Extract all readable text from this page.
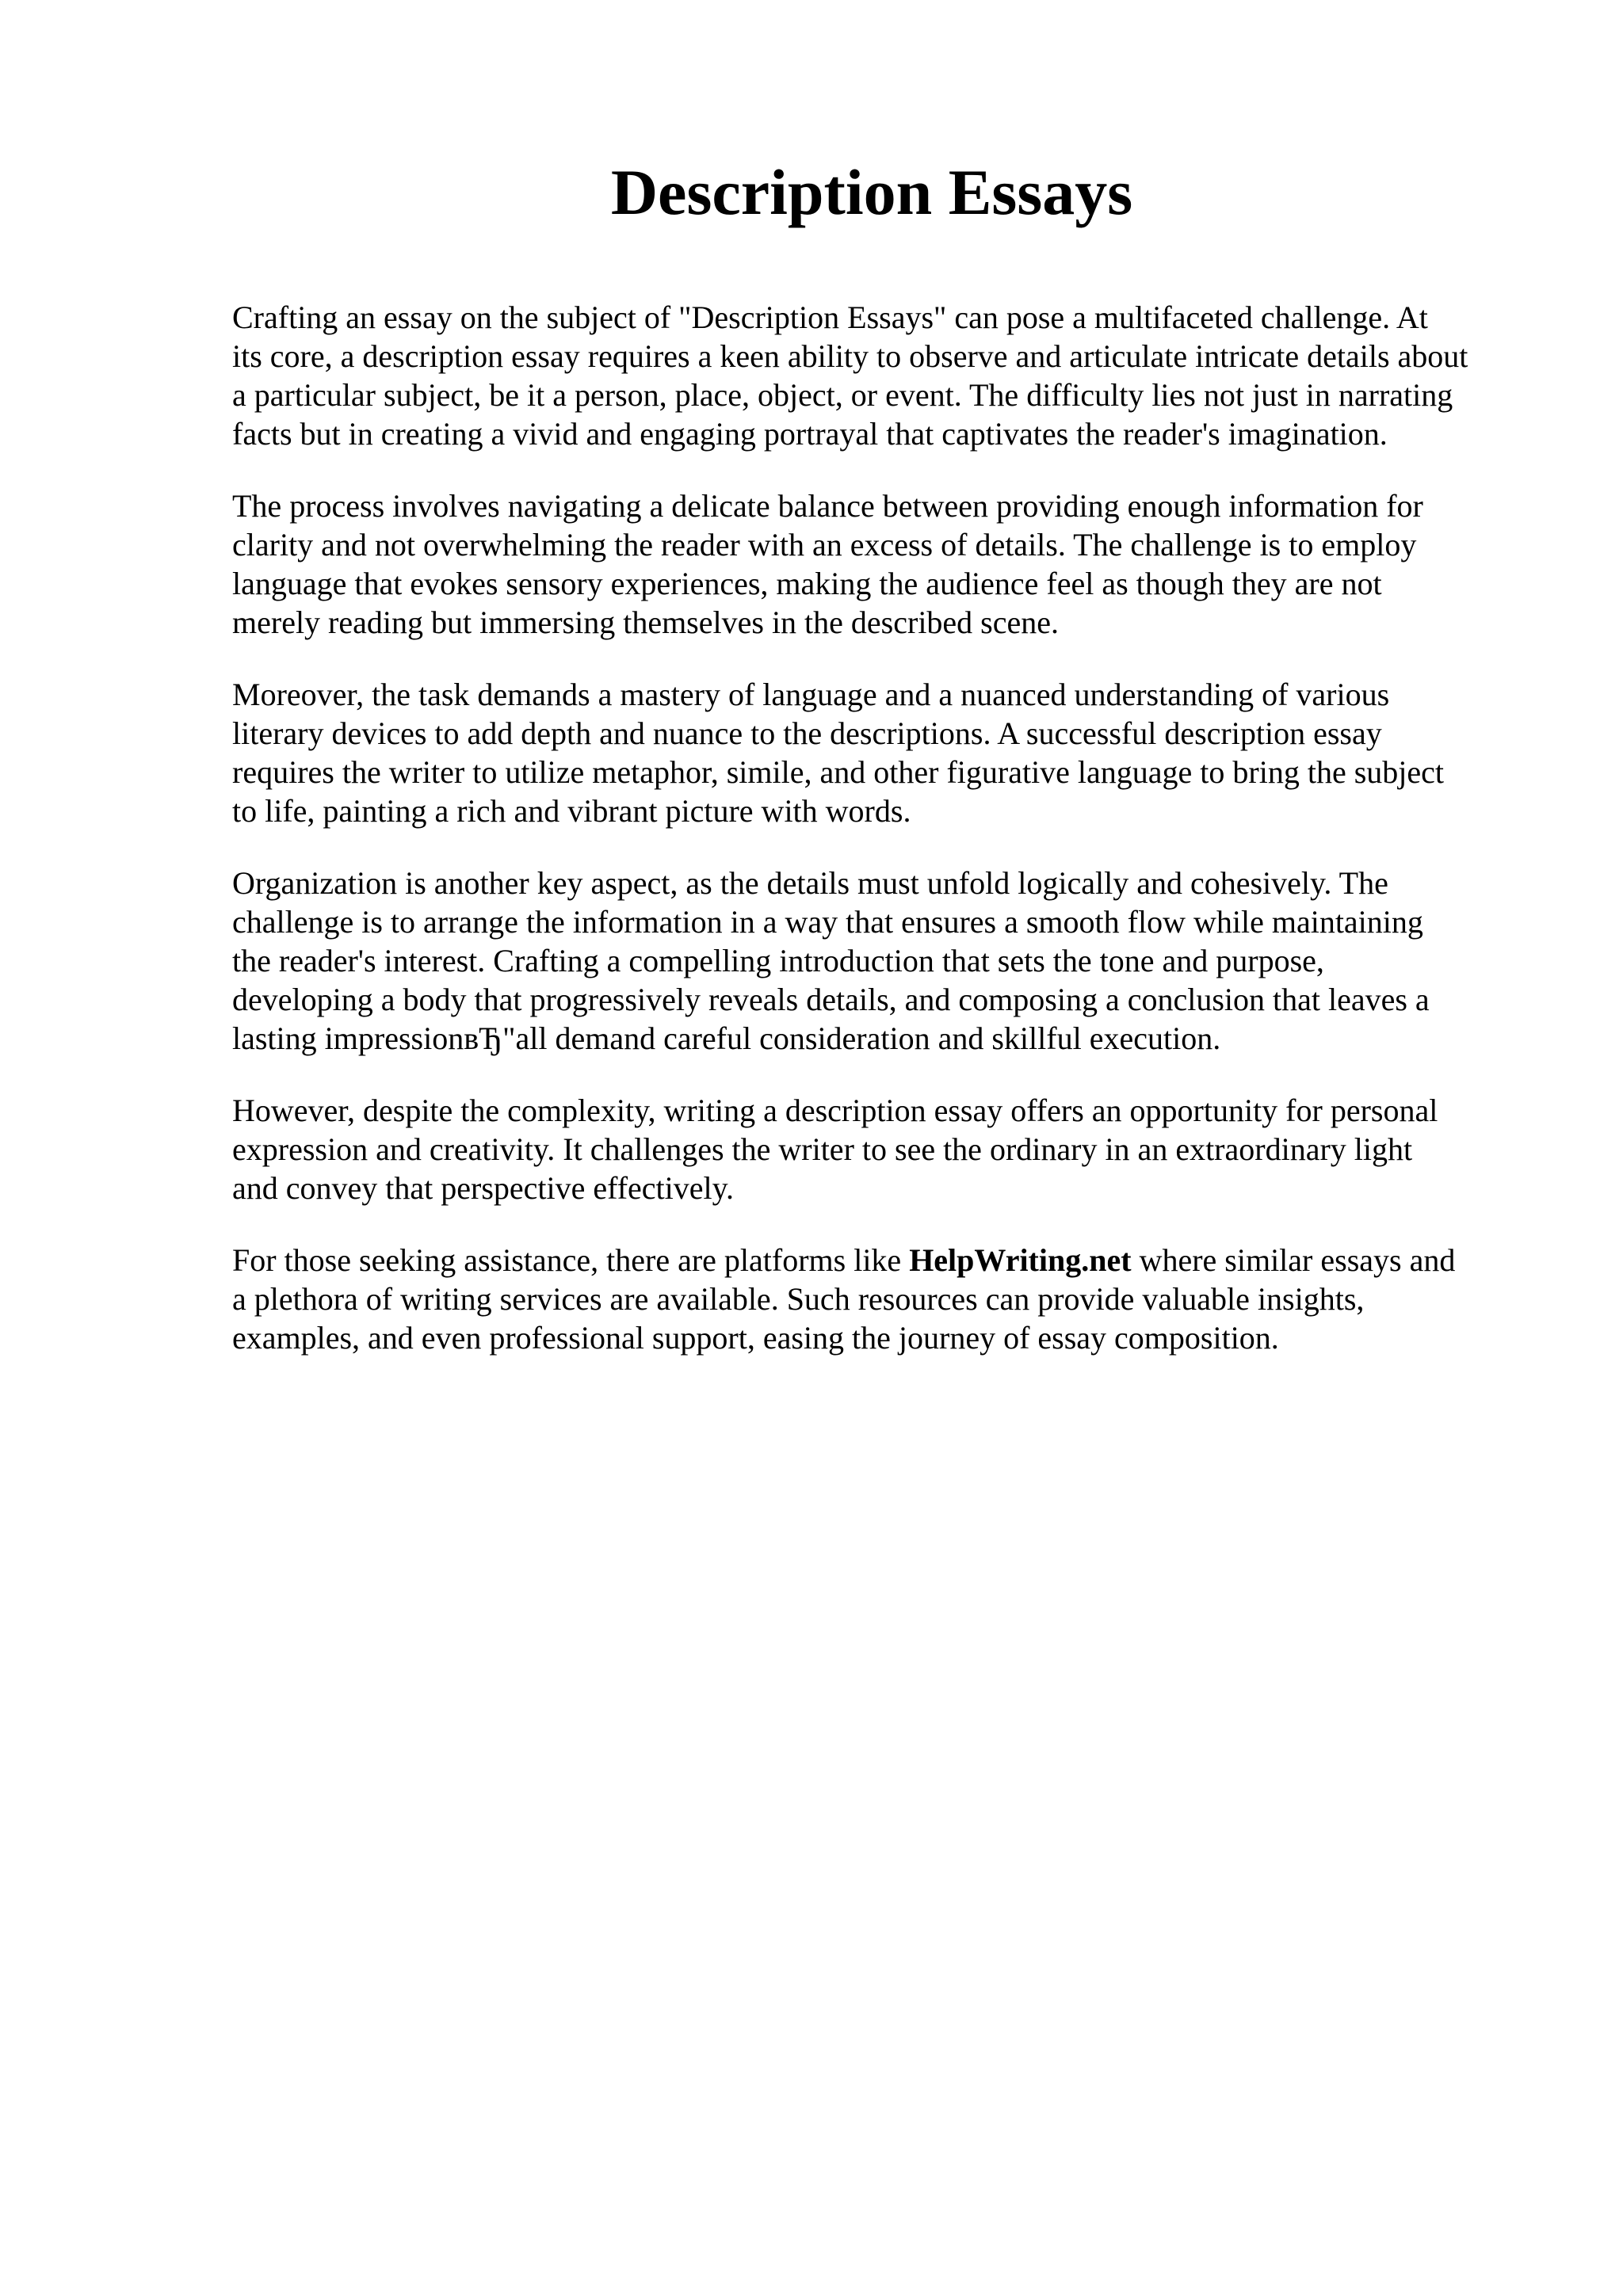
Description Essays

Crafting an essay on the subject of "Description Essays" can pose a multifaceted challenge. At
its core, a description essay requires a keen ability to observe and articulate intricate details about
a particular subject, be it a person, place, object, or event. The difficulty lies not just in narrating
facts but in creating a vivid and engaging portrayal that captivates the reader's imagination.

The process involves navigating a delicate balance between providing enough information for
clarity and not overwhelming the reader with an excess of details. The challenge is to employ
language that evokes sensory experiences, making the audience feel as though they are not
merely reading but immersing themselves in the described scene.

Moreover, the task demands a mastery of language and a nuanced understanding of various
literary devices to add depth and nuance to the descriptions. A successful description essay
requires the writer to utilize metaphor, simile, and other figurative language to bring the subject
to life, painting a rich and vibrant picture with words.

Organization is another key aspect, as the details must unfold logically and cohesively. The
challenge is to arrange the information in a way that ensures a smooth flow while maintaining
the reader's interest. Crafting a compelling introduction that sets the tone and purpose,
developing a body that progressively reveals details, and composing a conclusion that leaves a
lasting impressionвЂ"all demand careful consideration and skillful execution.

However, despite the complexity, writing a description essay offers an opportunity for personal
expression and creativity. It challenges the writer to see the ordinary in an extraordinary light
and convey that perspective effectively.

For those seeking assistance, there are platforms like HelpWriting.net where similar essays and
a plethora of writing services are available. Such resources can provide valuable insights,
examples, and even professional support, easing the journey of essay composition.
